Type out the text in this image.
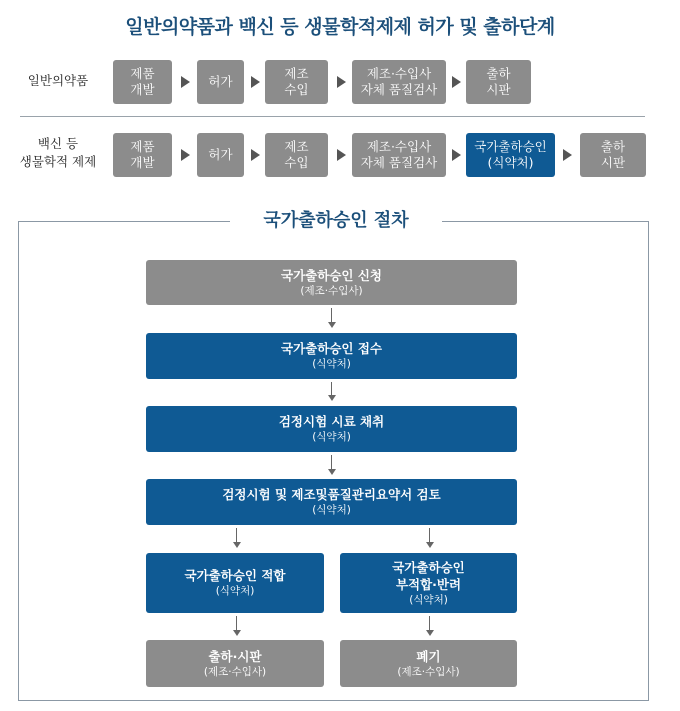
일반의약품과 백신 등 생물학적제제 허가 및 출하단계
일반의약품	제품
개발
허가
제조
수입
제조·수입사
자체 품질검사
출하
시판
백신 등
생물학적 제제
제품
개발
허가
제조
수입
제조·수입사
자체 품질검사
국가출하승인
(식약처)
출하
시판
국가출하승인 절차
국가출하승인 신청
(제조·수입사)
국가출하승인 접수
(식약처)
검정시험 시료 채취
(식약처)
검정시험 및 제조및품질관리요약서 검토
(식약처)
국가출하승인 적합
(식약처)
국가출하승인
부적합·반려
(식약처)
출하·시판
(제조·수입사)
폐기
(제조·수입사)
